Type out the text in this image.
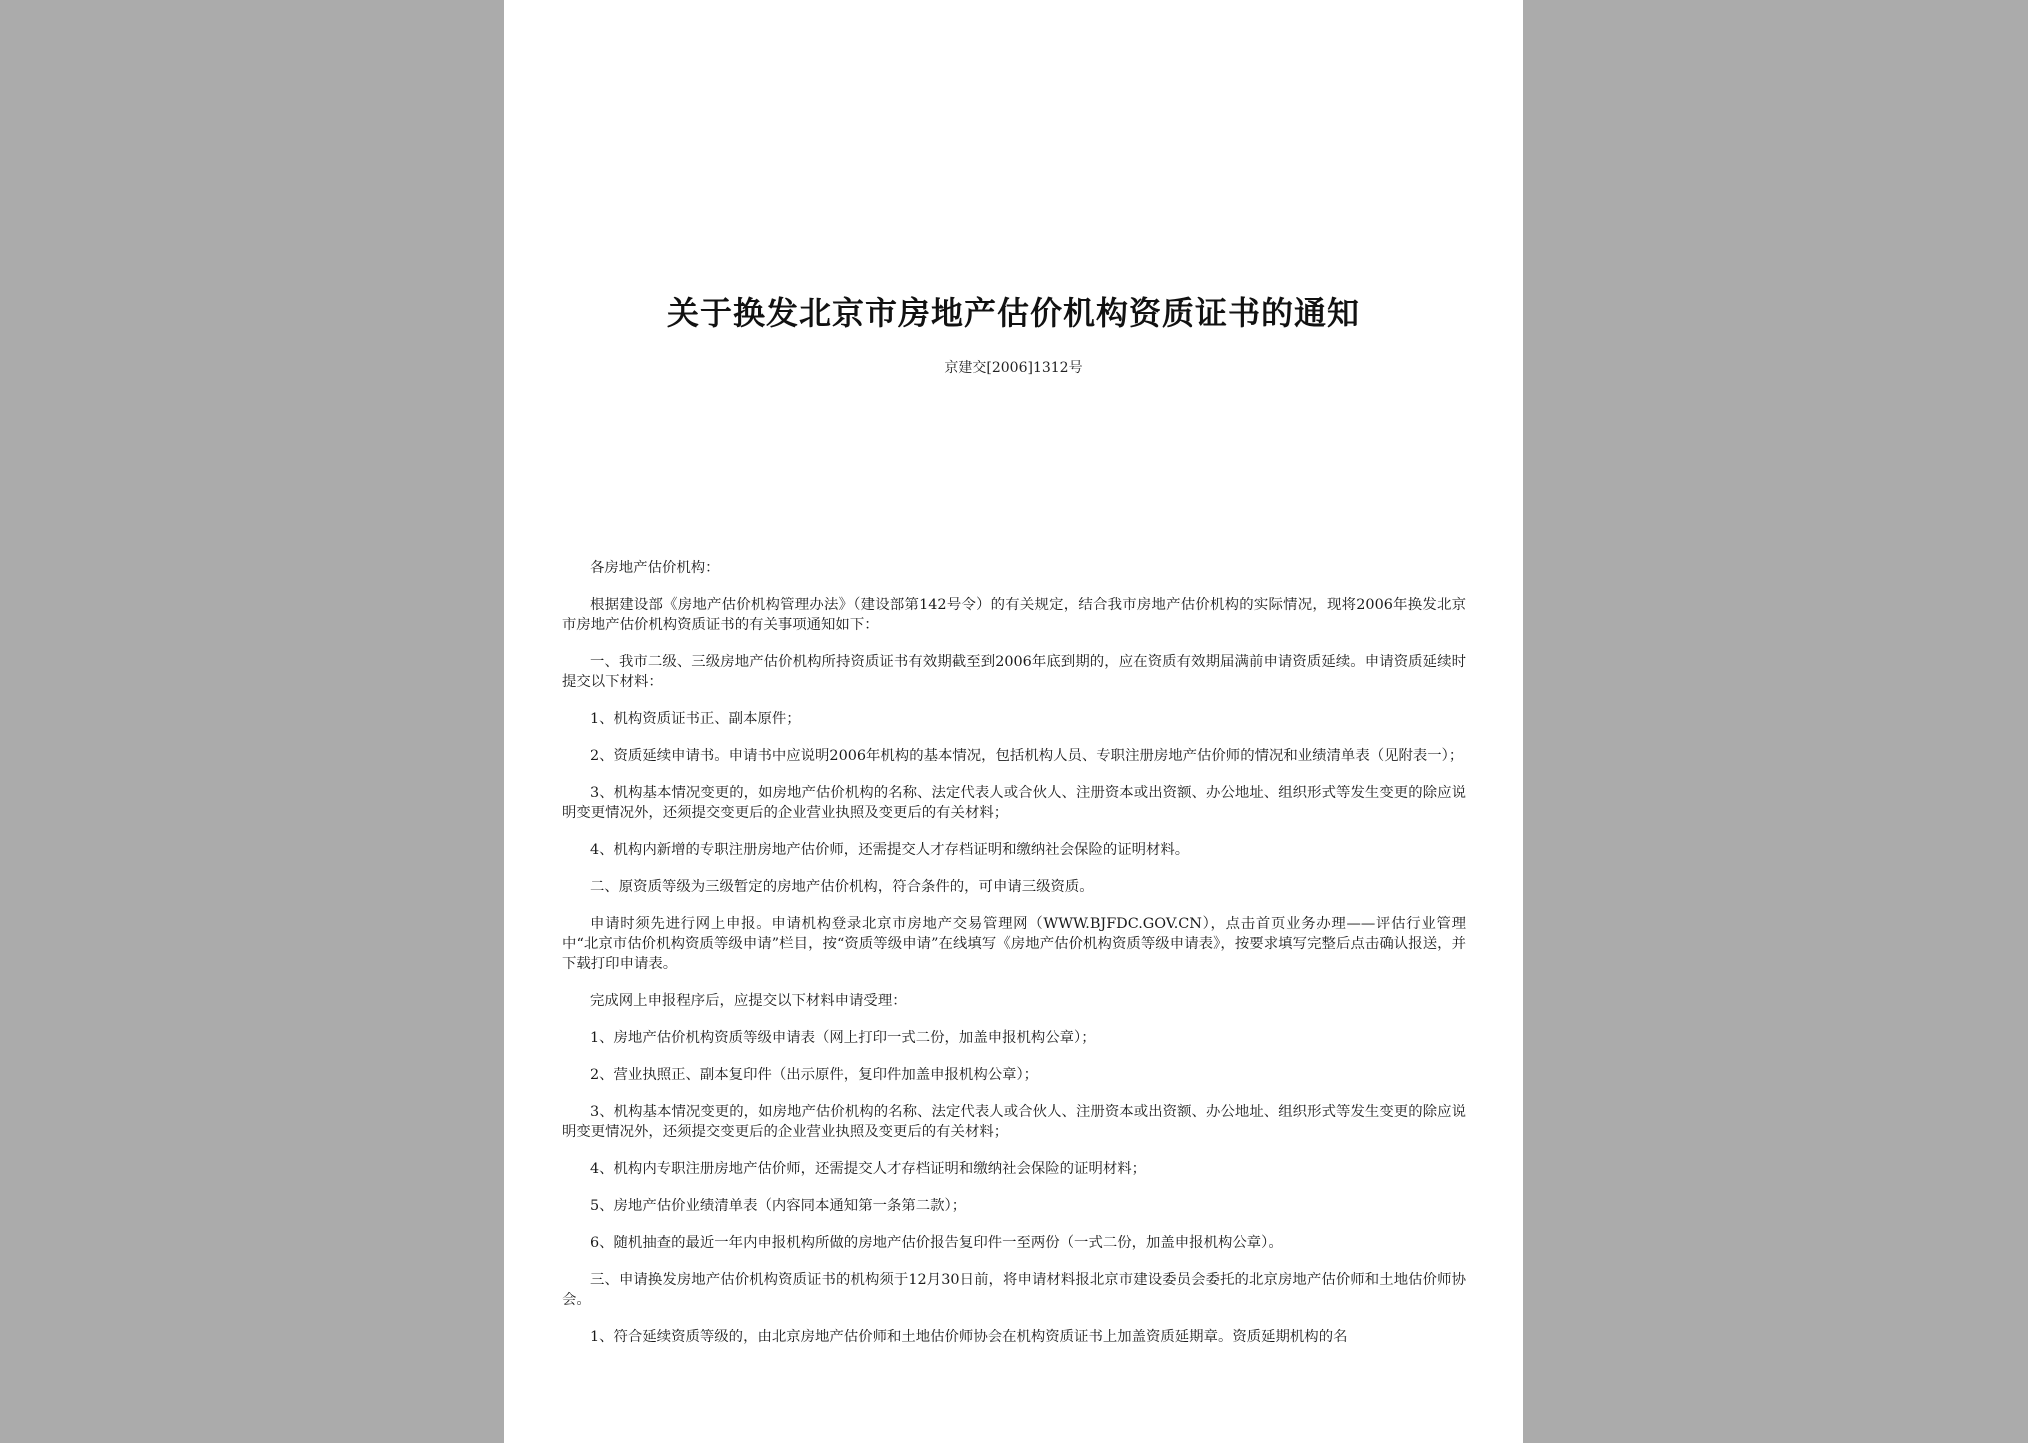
关于换发北京市房地产估价机构资质证书的通知
京建交[2006]1312号

各房地产估价机构：

根据建设部《房地产估价机构管理办法》（建设部第142号令）的有关规定，结合我市房地产估价机构的实际情况，现将2006年换发北京市房地产估价机构资质证书的有关事项通知如下：

一、我市二级、三级房地产估价机构所持资质证书有效期截至到2006年底到期的，应在资质有效期届满前申请资质延续。申请资质延续时提交以下材料：

1、机构资质证书正、副本原件；

2、资质延续申请书。申请书中应说明2006年机构的基本情况，包括机构人员、专职注册房地产估价师的情况和业绩清单表（见附表一）；

3、机构基本情况变更的，如房地产估价机构的名称、法定代表人或合伙人、注册资本或出资额、办公地址、组织形式等发生变更的除应说明变更情况外，还须提交变更后的企业营业执照及变更后的有关材料；

4、机构内新增的专职注册房地产估价师，还需提交人才存档证明和缴纳社会保险的证明材料。

二、原资质等级为三级暂定的房地产估价机构，符合条件的，可申请三级资质。

申请时须先进行网上申报。申请机构登录北京市房地产交易管理网（WWW.BJFDC.GOV.CN），点击首页业务办理——评估行业管理中“北京市估价机构资质等级申请”栏目，按“资质等级申请”在线填写《房地产估价机构资质等级申请表》，按要求填写完整后点击确认报送，并下载打印申请表。

完成网上申报程序后，应提交以下材料申请受理：

1、房地产估价机构资质等级申请表（网上打印一式二份，加盖申报机构公章）；

2、营业执照正、副本复印件（出示原件，复印件加盖申报机构公章）；

3、机构基本情况变更的，如房地产估价机构的名称、法定代表人或合伙人、注册资本或出资额、办公地址、组织形式等发生变更的除应说明变更情况外，还须提交变更后的企业营业执照及变更后的有关材料；

4、机构内专职注册房地产估价师，还需提交人才存档证明和缴纳社会保险的证明材料；

5、房地产估价业绩清单表（内容同本通知第一条第二款）；

6、随机抽查的最近一年内申报机构所做的房地产估价报告复印件一至两份（一式二份，加盖申报机构公章）。

三、申请换发房地产估价机构资质证书的机构须于12月30日前，将申请材料报北京市建设委员会委托的北京房地产估价师和土地估价师协会。

1、符合延续资质等级的，由北京房地产估价师和土地估价师协会在机构资质证书上加盖资质延期章。资质延期机构的名
